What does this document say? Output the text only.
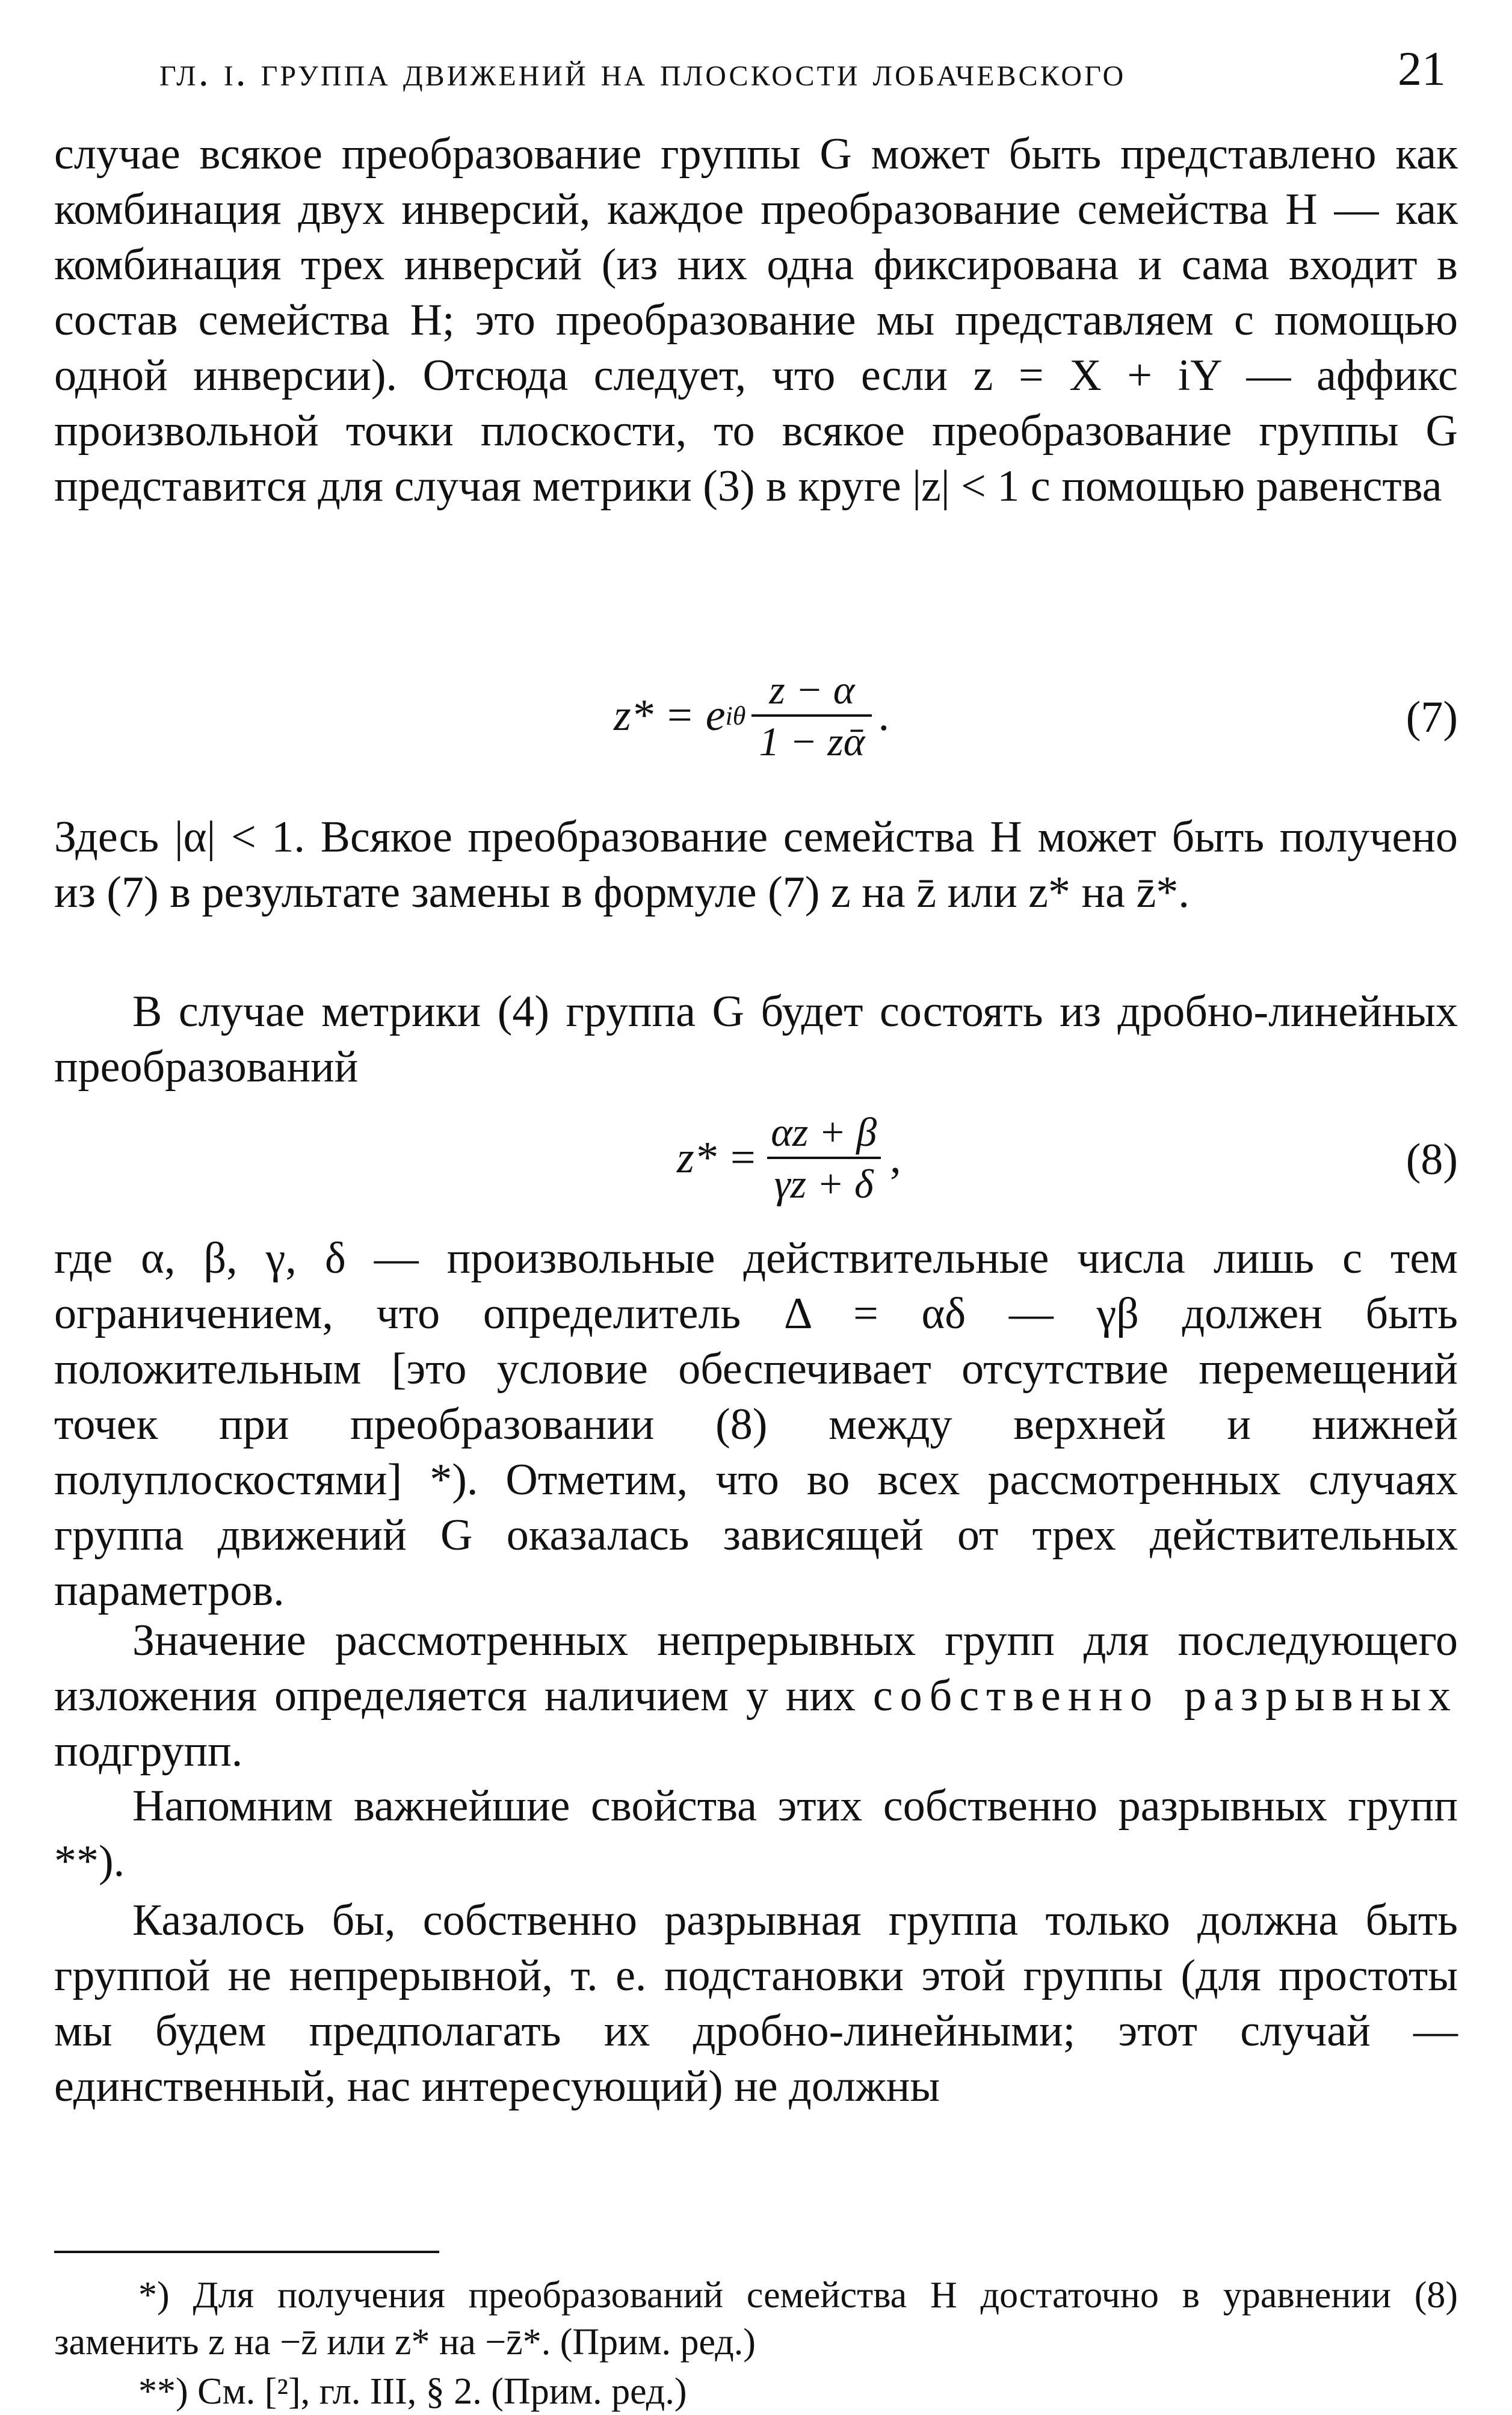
гл. i. группа движений на плоскости лобачевского	21

случае всякое преобразование группы G может быть представлено как комбинация двух инверсий, каждое преобразование семейства H — как комбинация трех инверсий (из них одна фиксирована и сама входит в состав семейства H; это преобразование мы представляем с помощью одной инверсии). Отсюда следует, что если z = X + iY — аффикс произвольной точки плоскости, то всякое преобразование группы G представится для случая метрики (3) в круге |z| < 1 с помощью равенства

z* = e iθ $\frac{z - \alpha}{\text{1 − zᾱ}}$ .	(7)

Здесь |α| < 1. Всякое преобразование семейства H может быть получено из (7) в результате замены в формуле (7) z на z̄ или z* на z̄*.

В случае метрики (4) группа G будет состоять из дробно-линейных преобразований

$z* = \frac{\alpha z + \beta}{\gamma z + \delta}$ ,	(8)

где α, β, γ, δ — произвольные действительные числа лишь с тем ограничением, что определитель Δ = αδ — γβ должен быть положительным [это условие обеспечивает отсутствие перемещений точек при преобразовании (8) между верхней и нижней полуплоскостями] *). Отметим, что во всех рассмотренных случаях группа движений G оказалась зависящей от трех действительных параметров.

Значение рассмотренных непрерывных групп для последующего изложения определяется наличием у них собственно разрывных подгрупп.

Напомним важнейшие свойства этих собственно разрывных групп **).

Казалось бы, собственно разрывная группа только должна быть группой не непрерывной, т. е. подстановки этой группы (для простоты мы будем предполагать их дробно-линейными; этот случай — единственный, нас интересующий) не должны

*) Для получения преобразований семейства H достаточно в уравнении (8) заменить z на −z̄ или z* на −z̄*. (Прим. ред.)

**) См. [²], гл. III, § 2. (Прим. ред.)
